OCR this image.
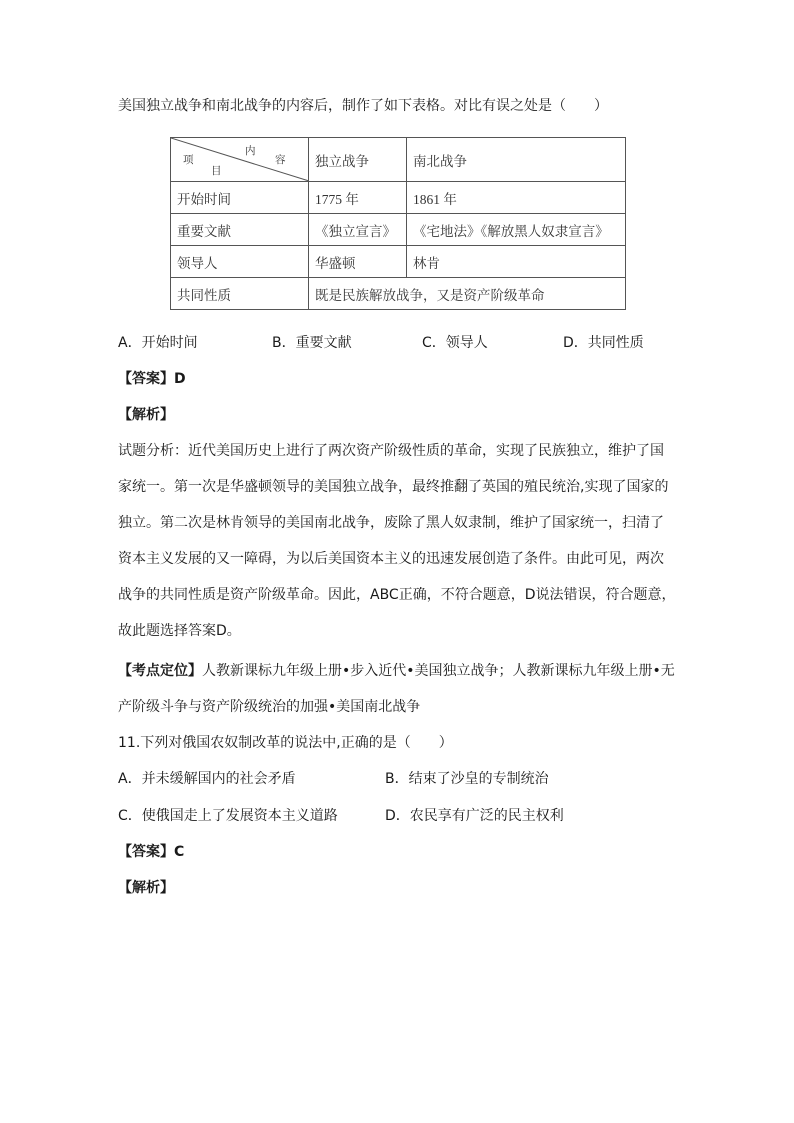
美国独立战争和南北战争的内容后，制作了如下表格。对比有误之处是（　　）
内
容
项
目	独立战争	南北战争
开始时间	1775 年	1861 年
重要文献	《独立宣言》	《宅地法》《解放黑人奴隶宣言》
领导人	华盛顿	林肯
共同性质	既是民族解放战争，又是资产阶级革命	
A．开始时间	B．重要文献	C．领导人	D．共同性质
【答案】D
【解析】
试题分析：近代美国历史上进行了两次资产阶级性质的革命，实现了民族独立，维护了国
家统一。第一次是华盛顿领导的美国独立战争，最终推翻了英国的殖民统治,实现了国家的
独立。第二次是林肯领导的美国南北战争，废除了黑人奴隶制，维护了国家统一，扫清了
资本主义发展的又一障碍，为以后美国资本主义的迅速发展创造了条件。由此可见，两次
战争的共同性质是资产阶级革命。因此，ABC正确，不符合题意，D说法错误，符合题意，
故此题选择答案D。
【考点定位】人教新课标九年级上册•步入近代•美国独立战争；人教新课标九年级上册•无
产阶级斗争与资产阶级统治的加强•美国南北战争
11.下列对俄国农奴制改革的说法中,正确的是（　　）
A．并未缓解国内的社会矛盾	B．结束了沙皇的专制统治
C．使俄国走上了发展资本主义道路	D．农民享有广泛的民主权利
【答案】C
【解析】
